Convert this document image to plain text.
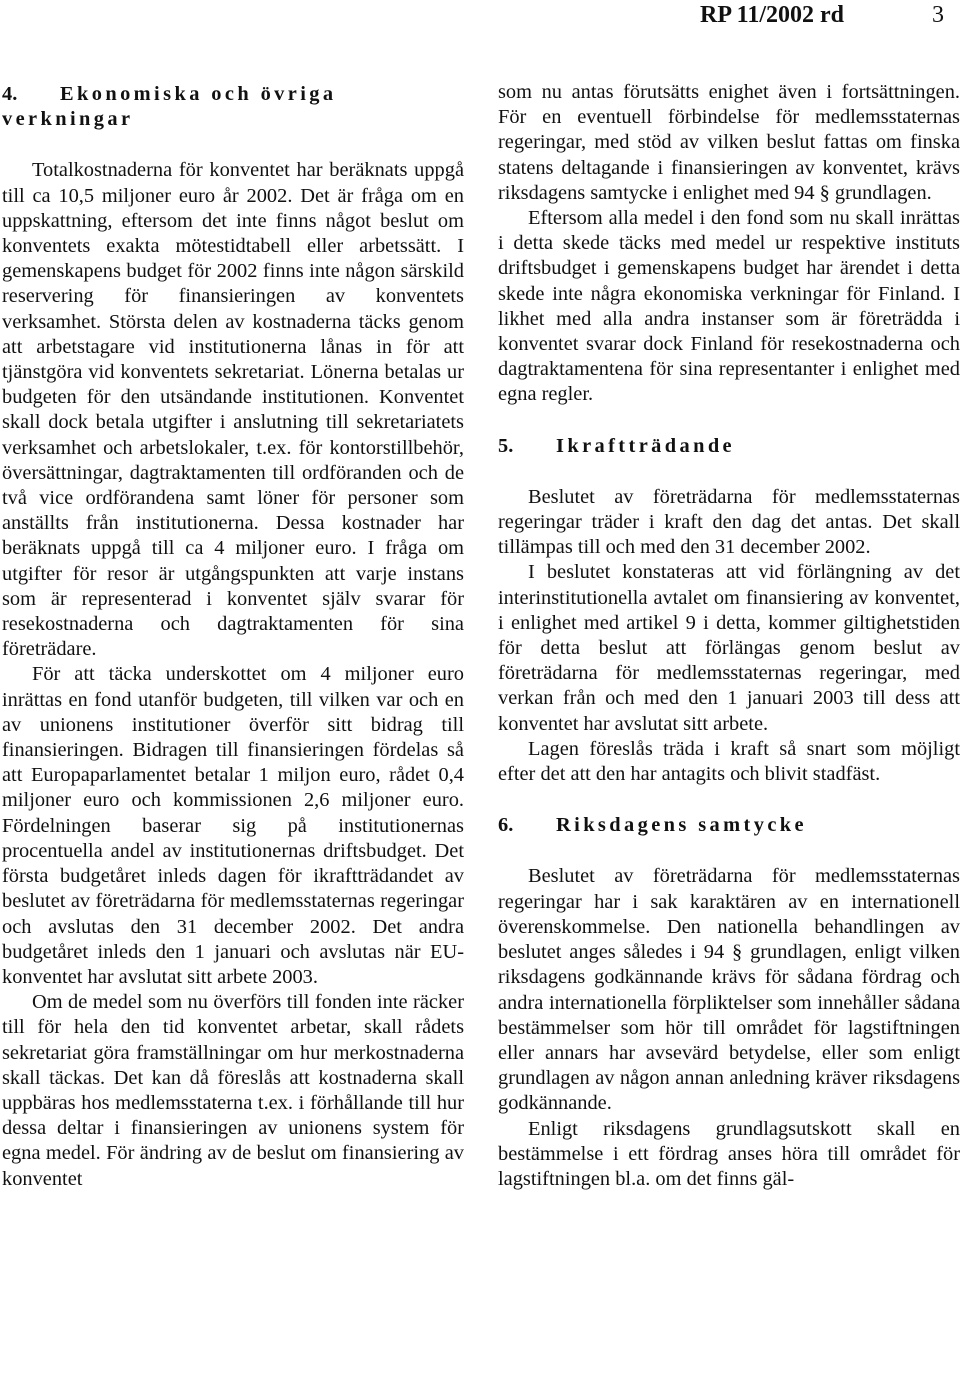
RP 11/2002 rd	3
4. Ekonomiska och övriga verkningar

Totalkostnaderna för konventet har beräknats uppgå till ca 10,5 miljoner euro år 2002. Det är fråga om en uppskattning, eftersom det inte finns något beslut om konventets exakta mötestidtabell eller arbetssätt. I gemenskapens budget för 2002 finns inte någon särskild reservering för finansieringen av konventets verksamhet. Största delen av kostnaderna täcks genom att arbetstagare vid institutionerna lånas in för att tjänstgöra vid konventets sekretariat. Lönerna betalas ur budgeten för den utsändande institutionen. Konventet skall dock betala utgifter i anslutning till sekretariatets verksamhet och arbetslokaler, t.ex. för kontorstillbehör, översättningar, dagtraktamenten till ordföranden och de två vice ordförandena samt löner för personer som anställts från institutionerna. Dessa kostnader har beräknats uppgå till ca 4 miljoner euro. I fråga om utgifter för resor är utgångspunkten att varje instans som är representerad i konventet själv svarar för resekostnaderna och dagtraktamenten för sina företrädare.

För att täcka underskottet om 4 miljoner euro inrättas en fond utanför budgeten, till vilken var och en av unionens institutioner överför sitt bidrag till finansieringen. Bidragen till finansieringen fördelas så att Europaparlamentet betalar 1 miljon euro, rådet 0,4 miljoner euro och kommissionen 2,6 miljoner euro. Fördelningen baserar sig på institutionernas procentuella andel av institutionernas driftsbudget. Det första budgetåret inleds dagen för ikraftträdandet av beslutet av företrädarna för medlemsstaternas regeringar och avslutas den 31 december 2002. Det andra budgetåret inleds den 1 januari och avslutas när EU-konventet har avslutat sitt arbete 2003.

Om de medel som nu överförs till fonden inte räcker till för hela den tid konventet arbetar, skall rådets sekretariat göra framställningar om hur merkostnaderna skall täckas. Det kan då föreslås att kostnaderna skall uppbäras hos medlemsstaterna t.ex. i förhållande till hur dessa deltar i finansieringen av unionens system för egna medel. För ändring av de beslut om finansiering av konventet

som nu antas förutsätts enighet även i fortsättningen. För en eventuell förbindelse för medlemsstaternas regeringar, med stöd av vilken beslut fattas om finska statens deltagande i finansieringen av konventet, krävs riksdagens samtycke i enlighet med 94 § grundlagen.

Eftersom alla medel i den fond som nu skall inrättas i detta skede täcks med medel ur respektive instituts driftsbudget i gemenskapens budget har ärendet i detta skede inte några ekonomiska verkningar för Finland. I likhet med alla andra instanser som är företrädda i konventet svarar dock Finland för resekostnaderna och dagtraktamentena för sina representanter i enlighet med egna regler.

5. Ikraftträdande

Beslutet av företrädarna för medlemsstaternas regeringar träder i kraft den dag det antas. Det skall tillämpas till och med den 31 december 2002.

I beslutet konstateras att vid förlängning av det interinstitutionella avtalet om finansiering av konventet, i enlighet med artikel 9 i detta, kommer giltighetstiden för detta beslut att förlängas genom beslut av företrädarna för medlemsstaternas regeringar, med verkan från och med den 1 januari 2003 till dess att konventet har avslutat sitt arbete.

Lagen föreslås träda i kraft så snart som möjligt efter det att den har antagits och blivit stadfäst.

6. Riksdagens samtycke

Beslutet av företrädarna för medlemsstaternas regeringar har i sak karaktären av en internationell överenskommelse. Den nationella behandlingen av beslutet anges således i 94 § grundlagen, enligt vilken riksdagens godkännande krävs för sådana fördrag och andra internationella förpliktelser som innehåller sådana bestämmelser som hör till området för lagstiftningen eller annars har avsevärd betydelse, eller som enligt grundlagen av någon annan anledning kräver riksdagens godkännande.

Enligt riksdagens grundlagsutskott skall en bestämmelse i ett fördrag anses höra till området för lagstiftningen bl.a. om det finns gäl-
